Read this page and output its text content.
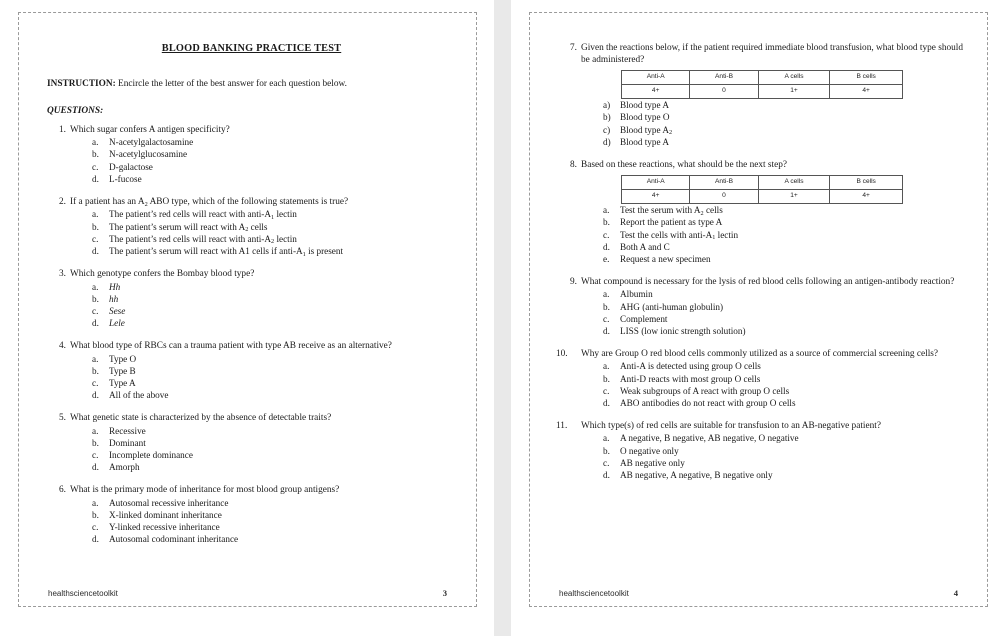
BLOOD BANKING PRACTICE TEST
INSTRUCTION: Encircle the letter of the best answer for each question below.
QUESTIONS:
1. Which sugar confers A antigen specificity?
a.	N-acetylgalactosamine
b.	N-acetylglucosamine
c.	D-galactose
d.	L-fucose
2. If a patient has an $A_2$ ABO type, which of the following statements is true?
a.	The patient’s red cells will react with anti-$A_1$ lectin
b.	The patient’s serum will react with $A_2$ cells
c.	The patient’s red cells will react with anti-$A_2$ lectin
d.	The patient’s serum will react with A1 cells if anti-$A_1$ is present
3. Which genotype confers the Bombay blood type?
a.	Hh
b.	hh
c.	Sese
d.	Lele
4. What blood type of RBCs can a trauma patient with type AB receive as an alternative?
a.	Type O
b.	Type B
c.	Type A
d.	All of the above
5. What genetic state is characterized by the absence of detectable traits?
a.	Recessive
b.	Dominant
c.	Incomplete dominance
d.	Amorph
6. What is the primary mode of inheritance for most blood group antigens?
a.	Autosomal recessive inheritance
b.	X-linked dominant inheritance
c.	Y-linked recessive inheritance
d.	Autosomal codominant inheritance
healthsciencetoolkit	3
7. Given the reactions below, if the patient required immediate blood transfusion, what blood type should be administered?
Anti-A	Anti-B	A cells	B cells
4+	0	1+	4+
a)	Blood type A
b)	Blood type O
c)	Blood type $A_2$
d)	Blood type A
8. Based on these reactions, what should be the next step?
Anti-A	Anti-B	A cells	B cells
4+	0	1+	4+
a.	Test the serum with $A_2$ cells
b.	Report the patient as type A
c.	Test the cells with anti-$A_1$ lectin
d.	Both A and C
e.	Request a new specimen
9. What compound is necessary for the lysis of red blood cells following an antigen-antibody reaction?
a.	Albumin
b.	AHG (anti-human globulin)
c.	Complement
d.	LISS (low ionic strength solution)
10.	Why are Group O red blood cells commonly utilized as a source of commercial screening cells?
a.	Anti-A is detected using group O cells
b.	Anti-D reacts with most group O cells
c.	Weak subgroups of A react with group O cells
d.	ABO antibodies do not react with group O cells
11.	Which type(s) of red cells are suitable for transfusion to an AB-negative patient?
a.	A negative, B negative, AB negative, O negative
b.	O negative only
c.	AB negative only
d.	AB negative, A negative, B negative only
healthsciencetoolkit	4
